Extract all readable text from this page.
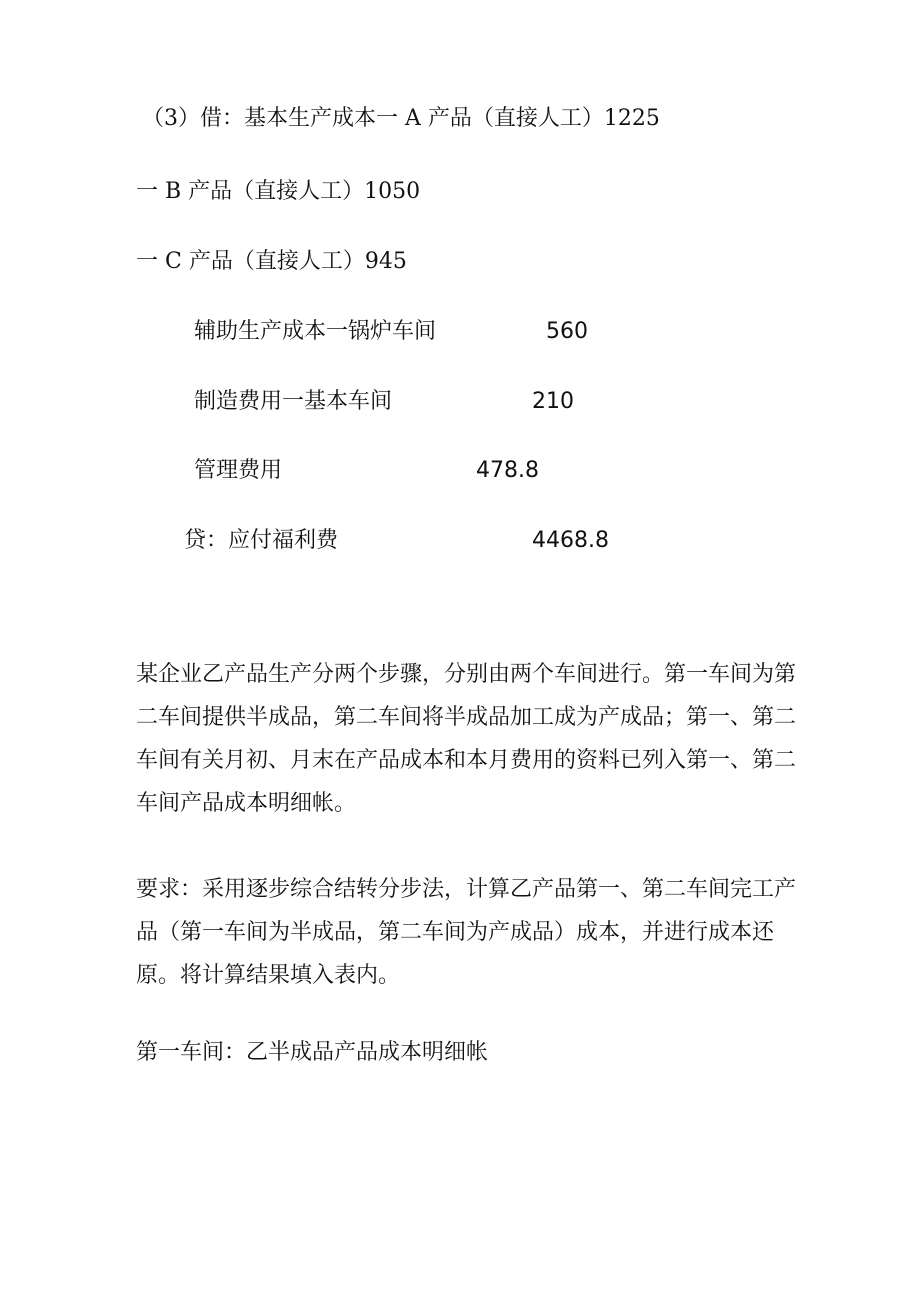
（3）借：基本生产成本一 A 产品（直接人工）1225
一 B 产品（直接人工）1050
一 C 产品（直接人工）945
辅助生产成本一锅炉车间	560
制造费用一基本车间	210
管理费用	478.8
贷：应付福利费	4468.8
某企业乙产品生产分两个步骤，分别由两个车间进行。第一车间为第二车间提供半成品，第二车间将半成品加工成为产成品；第一、第二车间有关月初、月末在产品成本和本月费用的资料已列入第一、第二车间产品成本明细帐。
要求：采用逐步综合结转分步法，计算乙产品第一、第二车间完工产品（第一车间为半成品，第二车间为产成品）成本，并进行成本还原。将计算结果填入表内。
第一车间：乙半成品产品成本明细帐
